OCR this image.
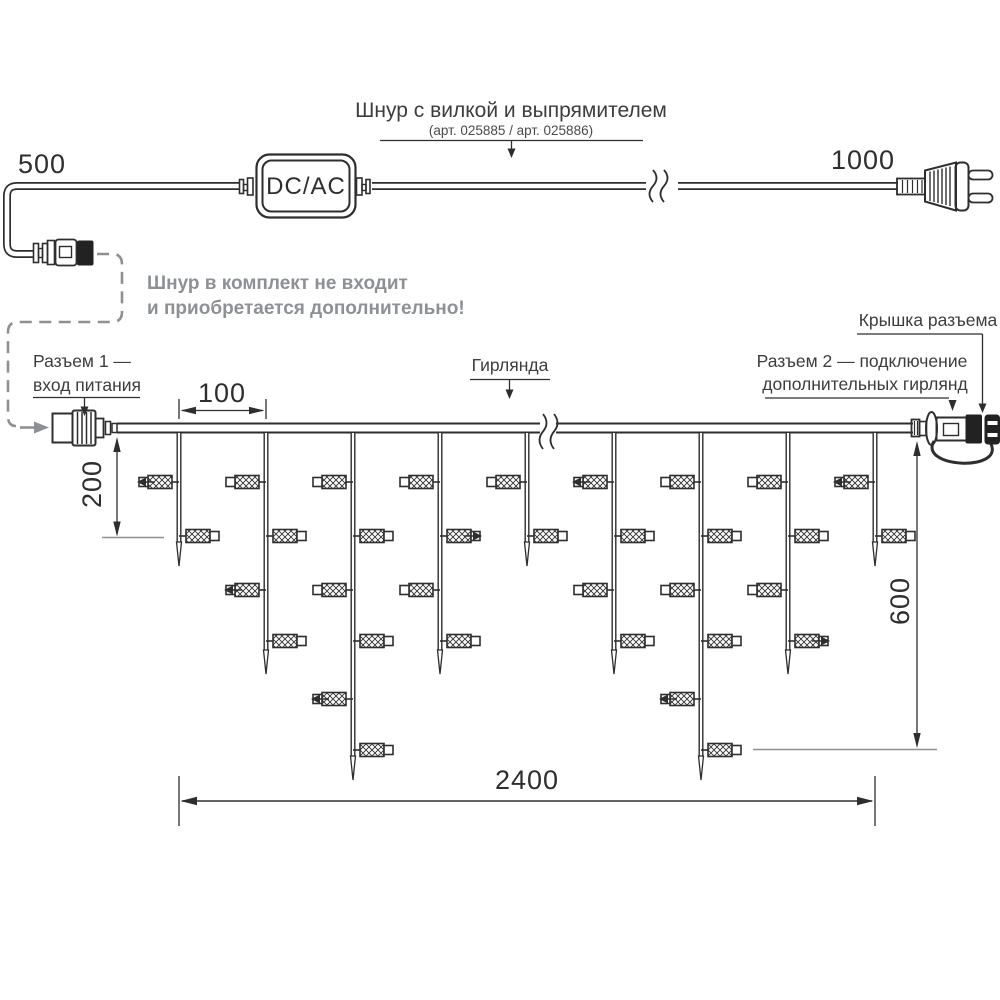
DC/AC
500	1000
Шнур с вилкой и выпрямителем
(арт. 025885 / арт. 025886)
Шнур в комплект не входит
и приобретается дополнительно!
100
200
600
2400
Разъем 1 —
вход питания
Гирлянда	Разъем 2 — подключение
дополнительных гирлянд
Крышка разъема
